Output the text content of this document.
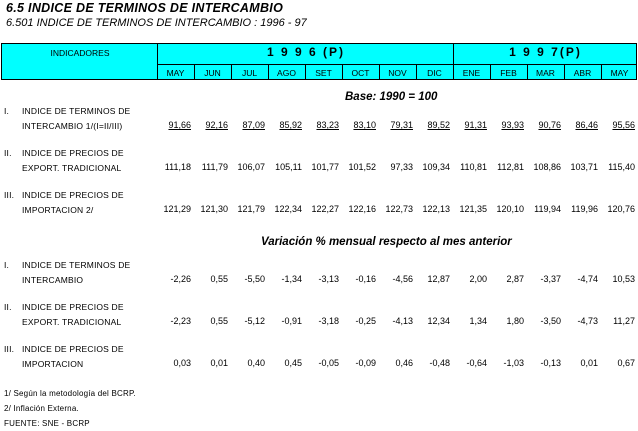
6.5 INDICE DE TERMINOS DE INTERCAMBIO
6.501 INDICE DE TERMINOS DE INTERCAMBIO : 1996 - 97
INDICADORES	1 9 9 6 (P)	1 9 9 7(P)
MAY	JUN	JUL	AGO	SET	OCT	NOV	DIC	ENE	FEB	MAR	ABR	MAY
Base: 1990 = 100
Variación % mensual respecto al mes anterior
I. INDICE DE TERMINOS DE
INTERCAMBIO 1/(I=II/III)	91,66	92,16	87,09	85,92	83,23	83,10	79,31	89,52	91,31	93,93	90,76	86,46	95,56
II. INDICE DE PRECIOS DE
EXPORT. TRADICIONAL	111,18	111,79	106,07	105,11	101,77	101,52	97,33	109,34	110,81	112,81	108,86	103,71	115,40
III. INDICE DE PRECIOS DE
IMPORTACION 2/	121,29	121,30	121,79	122,34	122,27	122,16	122,73	122,13	121,35	120,10	119,94	119,96	120,76
I. INDICE DE TERMINOS DE
INTERCAMBIO	-2,26	0,55	-5,50	-1,34	-3,13	-0,16	-4,56	12,87	2,00	2,87	-3,37	-4,74	10,53
II. INDICE DE PRECIOS DE
EXPORT. TRADICIONAL	-2,23	0,55	-5,12	-0,91	-3,18	-0,25	-4,13	12,34	1,34	1,80	-3,50	-4,73	11,27
III. INDICE DE PRECIOS DE
IMPORTACION	0,03	0,01	0,40	0,45	-0,05	-0,09	0,46	-0,48	-0,64	-1,03	-0,13	0,01	0,67
1/ Según la metodología del BCRP.
2/ Inflación Externa.
FUENTE: SNE - BCRP
